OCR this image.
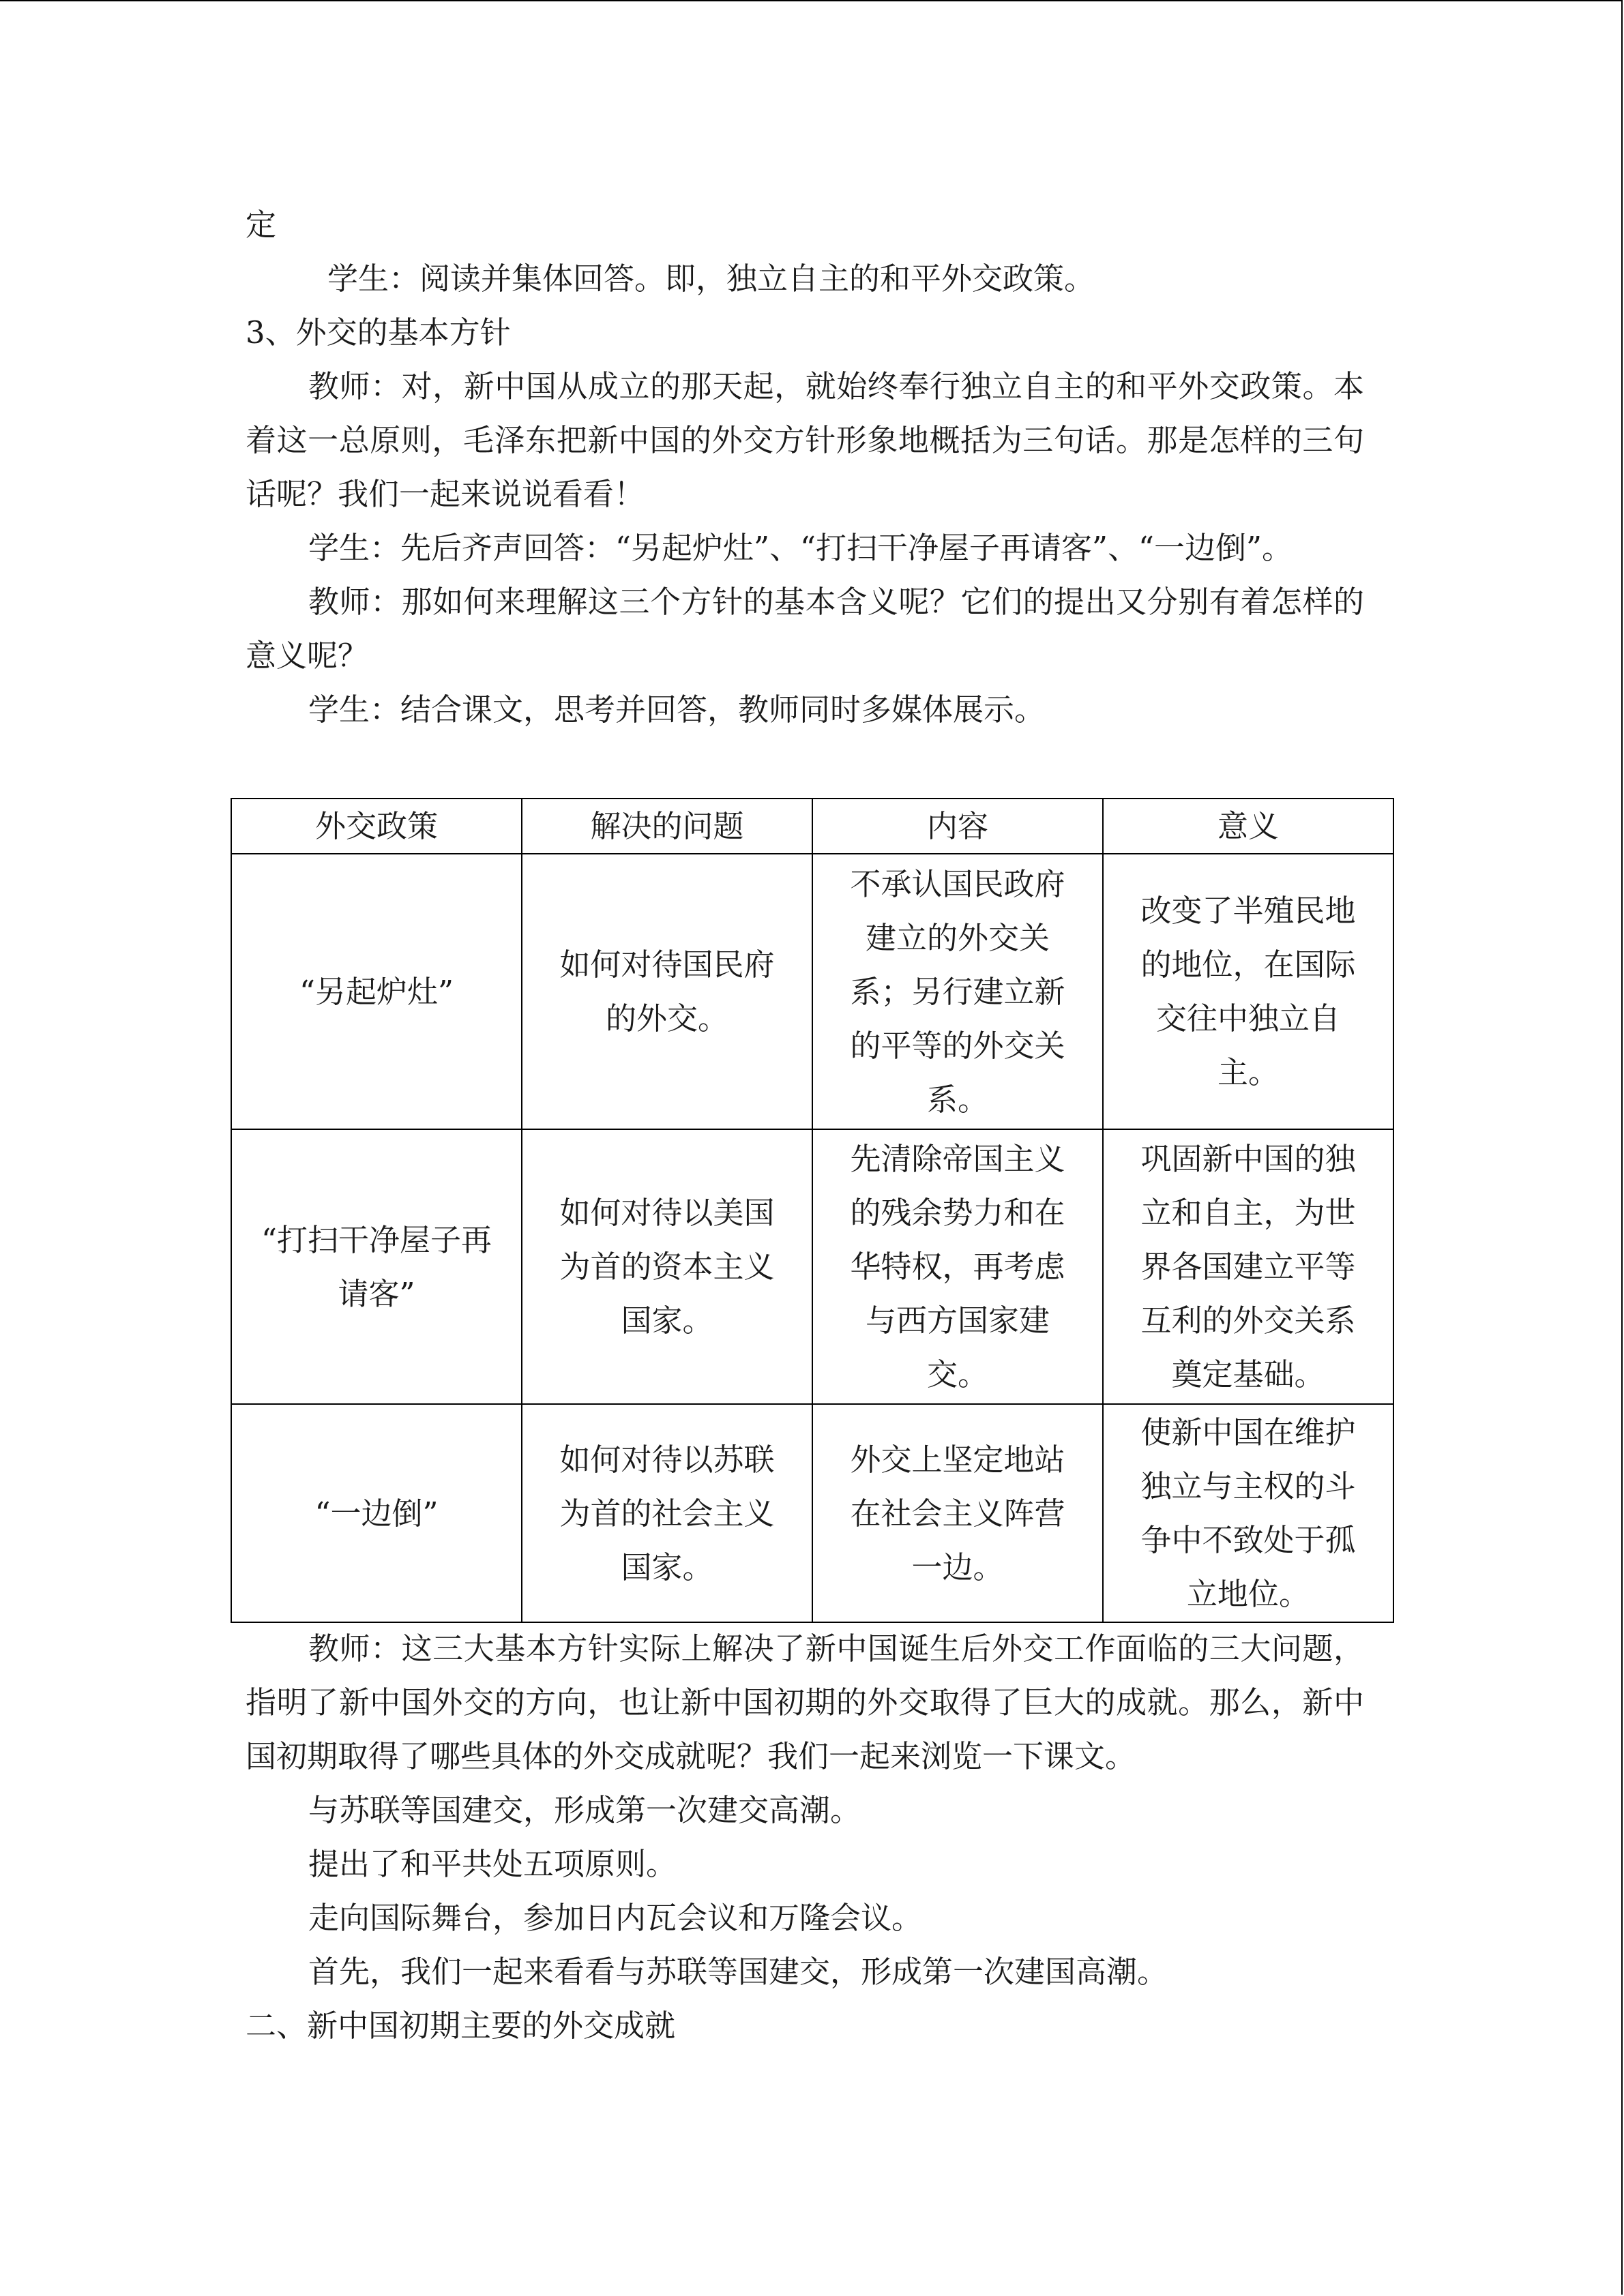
定

学生：阅读并集体回答。即，独立自主的和平外交政策。

3、外交的基本方针

教师：对，新中国从成立的那天起，就始终奉行独立自主的和平外交政策。本着这一总原则，毛泽东把新中国的外交方针形象地概括为三句话。那是怎样的三句话呢？我们一起来说说看看！

学生：先后齐声回答：“另起炉灶”、“打扫干净屋子再请客”、“一边倒”。

教师：那如何来理解这三个方针的基本含义呢？它们的提出又分别有着怎样的意义呢？

学生：结合课文，思考并回答，教师同时多媒体展示。

外交政策	解决的问题	内容	意义
“另起炉灶”	如何对待国民府的外交。	不承认国民政府建立的外交关系；另行建立新的平等的外交关系。	改变了半殖民地的地位，在国际交往中独立自主。
“打扫干净屋子再请客”	如何对待以美国为首的资本主义国家。	先清除帝国主义的残余势力和在华特权，再考虑与西方国家建交。	巩固新中国的独立和自主，为世界各国建立平等互利的外交关系奠定基础。
“一边倒”	如何对待以苏联为首的社会主义国家。	外交上坚定地站在社会主义阵营一边。	使新中国在维护独立与主权的斗争中不致处于孤立地位。

教师：这三大基本方针实际上解决了新中国诞生后外交工作面临的三大问题，指明了新中国外交的方向，也让新中国初期的外交取得了巨大的成就。那么，新中国初期取得了哪些具体的外交成就呢？我们一起来浏览一下课文。

与苏联等国建交，形成第一次建交高潮。

提出了和平共处五项原则。

走向国际舞台，参加日内瓦会议和万隆会议。

首先，我们一起来看看与苏联等国建交，形成第一次建国高潮。

二、新中国初期主要的外交成就
